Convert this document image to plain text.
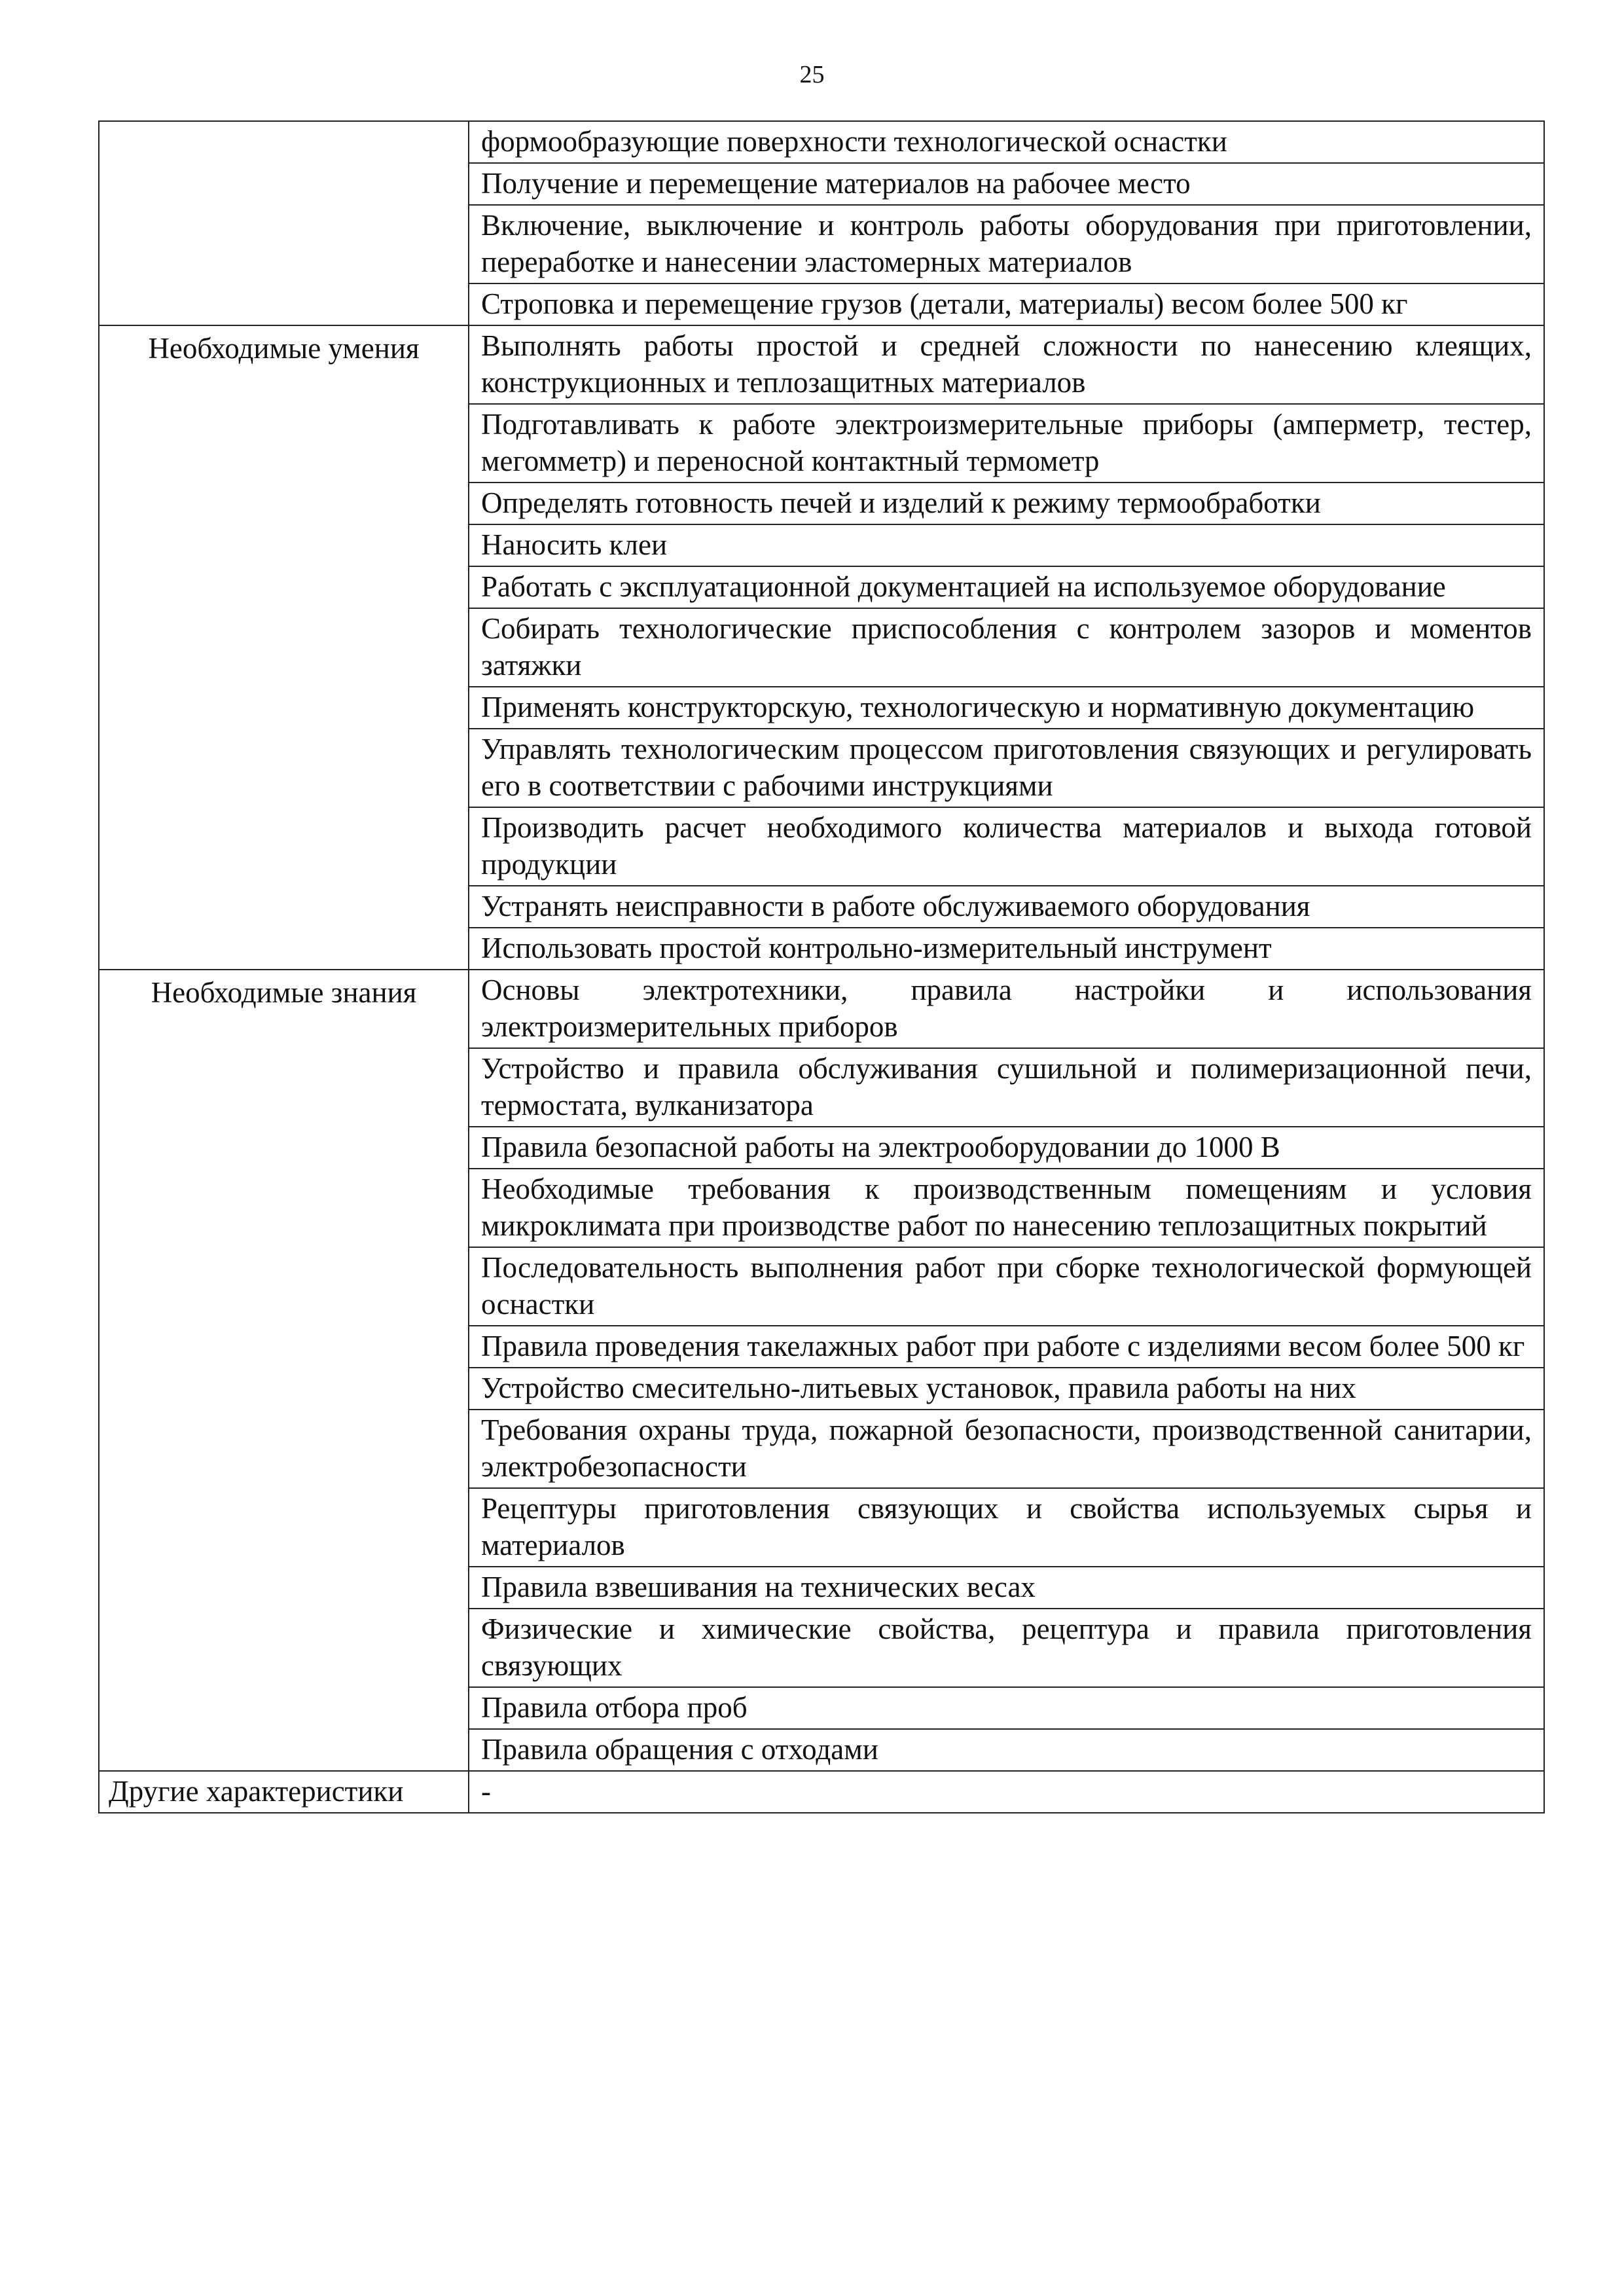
25
	формообразующие поверхности технологической оснастки
	Получение и перемещение материалов на рабочее место
	Включение, выключение и контроль работы оборудования при приготовлении, переработке и нанесении эластомерных материалов
	Строповка и перемещение грузов (детали, материалы) весом более 500 кг
Необходимые умения	Выполнять работы простой и средней сложности по нанесению клеящих, конструкционных и теплозащитных материалов
	Подготавливать к работе электроизмерительные приборы (амперметр, тестер, мегомметр) и переносной контактный термометр
	Определять готовность печей и изделий к режиму термообработки
	Наносить клеи
	Работать с эксплуатационной документацией на используемое оборудование
	Собирать технологические приспособления с контролем зазоров и моментов затяжки
	Применять конструкторскую, технологическую и нормативную документацию
	Управлять технологическим процессом приготовления связующих и регулировать его в соответствии с рабочими инструкциями
	Производить расчет необходимого количества материалов и выхода готовой продукции
	Устранять неисправности в работе обслуживаемого оборудования
	Использовать простой контрольно-измерительный инструмент
Необходимые знания	Основы электротехники, правила настройки и использования электроизмерительных приборов
	Устройство и правила обслуживания сушильной и полимеризационной печи, термостата, вулканизатора
	Правила безопасной работы на электрооборудовании до 1000 В
	Необходимые требования к производственным помещениям и условия микроклимата при производстве работ по нанесению теплозащитных покрытий
	Последовательность выполнения работ при сборке технологической формующей оснастки
	Правила проведения такелажных работ при работе с изделиями весом более 500 кг
	Устройство смесительно-литьевых установок, правила работы на них
	Требования охраны труда, пожарной безопасности, производственной санитарии, электробезопасности
	Рецептуры приготовления связующих и свойства используемых сырья и материалов
	Правила взвешивания на технических весах
	Физические и химические свойства, рецептура и правила приготовления связующих
	Правила отбора проб
	Правила обращения с отходами
Другие характеристики	-
